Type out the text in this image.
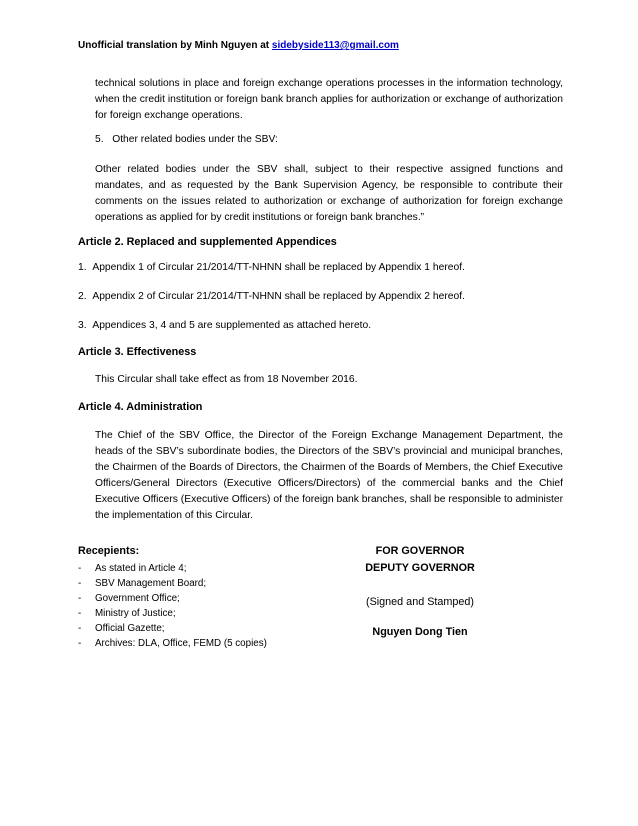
Unofficial translation by Minh Nguyen at sidebyside113@gmail.com
technical solutions in place and foreign exchange operations processes in the information technology, when the credit institution or foreign bank branch applies for authorization or exchange of authorization for foreign exchange operations.
5. Other related bodies under the SBV:
Other related bodies under the SBV shall, subject to their respective assigned functions and mandates, and as requested by the Bank Supervision Agency, be responsible to contribute their comments on the issues related to authorization or exchange of authorization for foreign exchange operations as applied for by credit institutions or foreign bank branches.”
Article 2. Replaced and supplemented Appendices
1. Appendix 1 of Circular 21/2014/TT-NHNN shall be replaced by Appendix 1 hereof.
2. Appendix 2 of Circular 21/2014/TT-NHNN shall be replaced by Appendix 2 hereof.
3. Appendices 3, 4 and 5 are supplemented as attached hereto.
Article 3. Effectiveness
This Circular shall take effect as from 18 November 2016.
Article 4. Administration
The Chief of the SBV Office, the Director of the Foreign Exchange Management Department, the heads of the SBV’s subordinate bodies, the Directors of the SBV’s provincial and municipal branches, the Chairmen of the Boards of Directors, the Chairmen of the Boards of Members, the Chief Executive Officers/General Directors (Executive Officers/Directors) of the commercial banks and the Chief Executive Officers (Executive Officers) of the foreign bank branches, shall be responsible to administer the implementation of this Circular.
Recepients:
- As stated in Article 4;
- SBV Management Board;
- Government Office;
- Ministry of Justice;
- Official Gazette;
- Archives: DLA, Office, FEMD (5 copies)
FOR GOVERNOR
DEPUTY GOVERNOR
(Signed and Stamped)
Nguyen Dong Tien
